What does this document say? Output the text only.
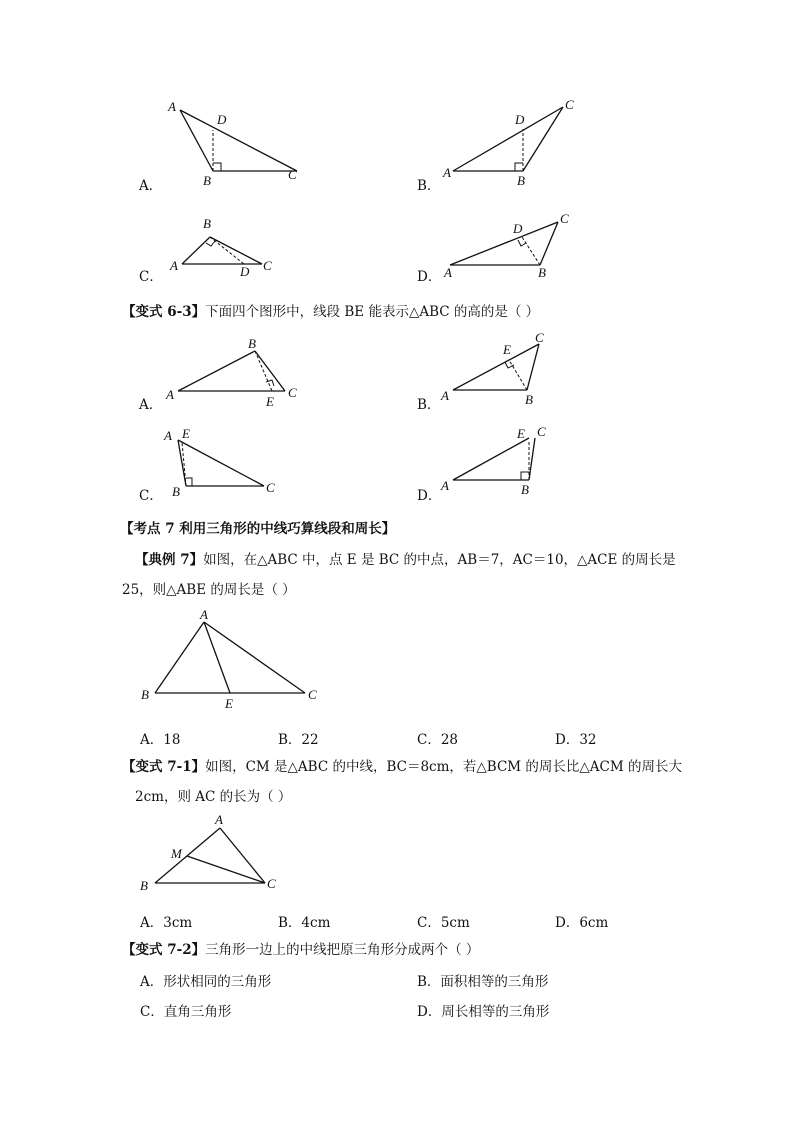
A．
A
D
B	C
B．
A
B
C
D
C．
A
B
D C
D． A	B
C
D
【变式 6-3】下面四个图形中，线段 BE 能表示△ABC 的高的是（ ）
A．
A
B
C
E	B．
A	B
C
E
C．
A E
B	C
D．
A	B
C
E
【考点 7 利用三角形的中线巧算线段和周长】
【典例 7】如图，在△ABC 中，点 E 是 BC 的中点，AB＝7，AC＝10，△ACE 的周长是
25，则△ABE 的周长是（ ）
A
B	C
E
A．18	B．22	C．28	D．32
【变式 7-1】如图，CM 是△ABC 的中线，BC＝8cm，若△BCM 的周长比△ACM 的周长大
2cm，则 AC 的长为（ ）
A
M
B	C
A．3cm	B．4cm	C．5cm	D．6cm
【变式 7-2】三角形一边上的中线把原三角形分成两个（ ）
A．形状相同的三角形	B．面积相等的三角形
C．直角三角形	D．周长相等的三角形
